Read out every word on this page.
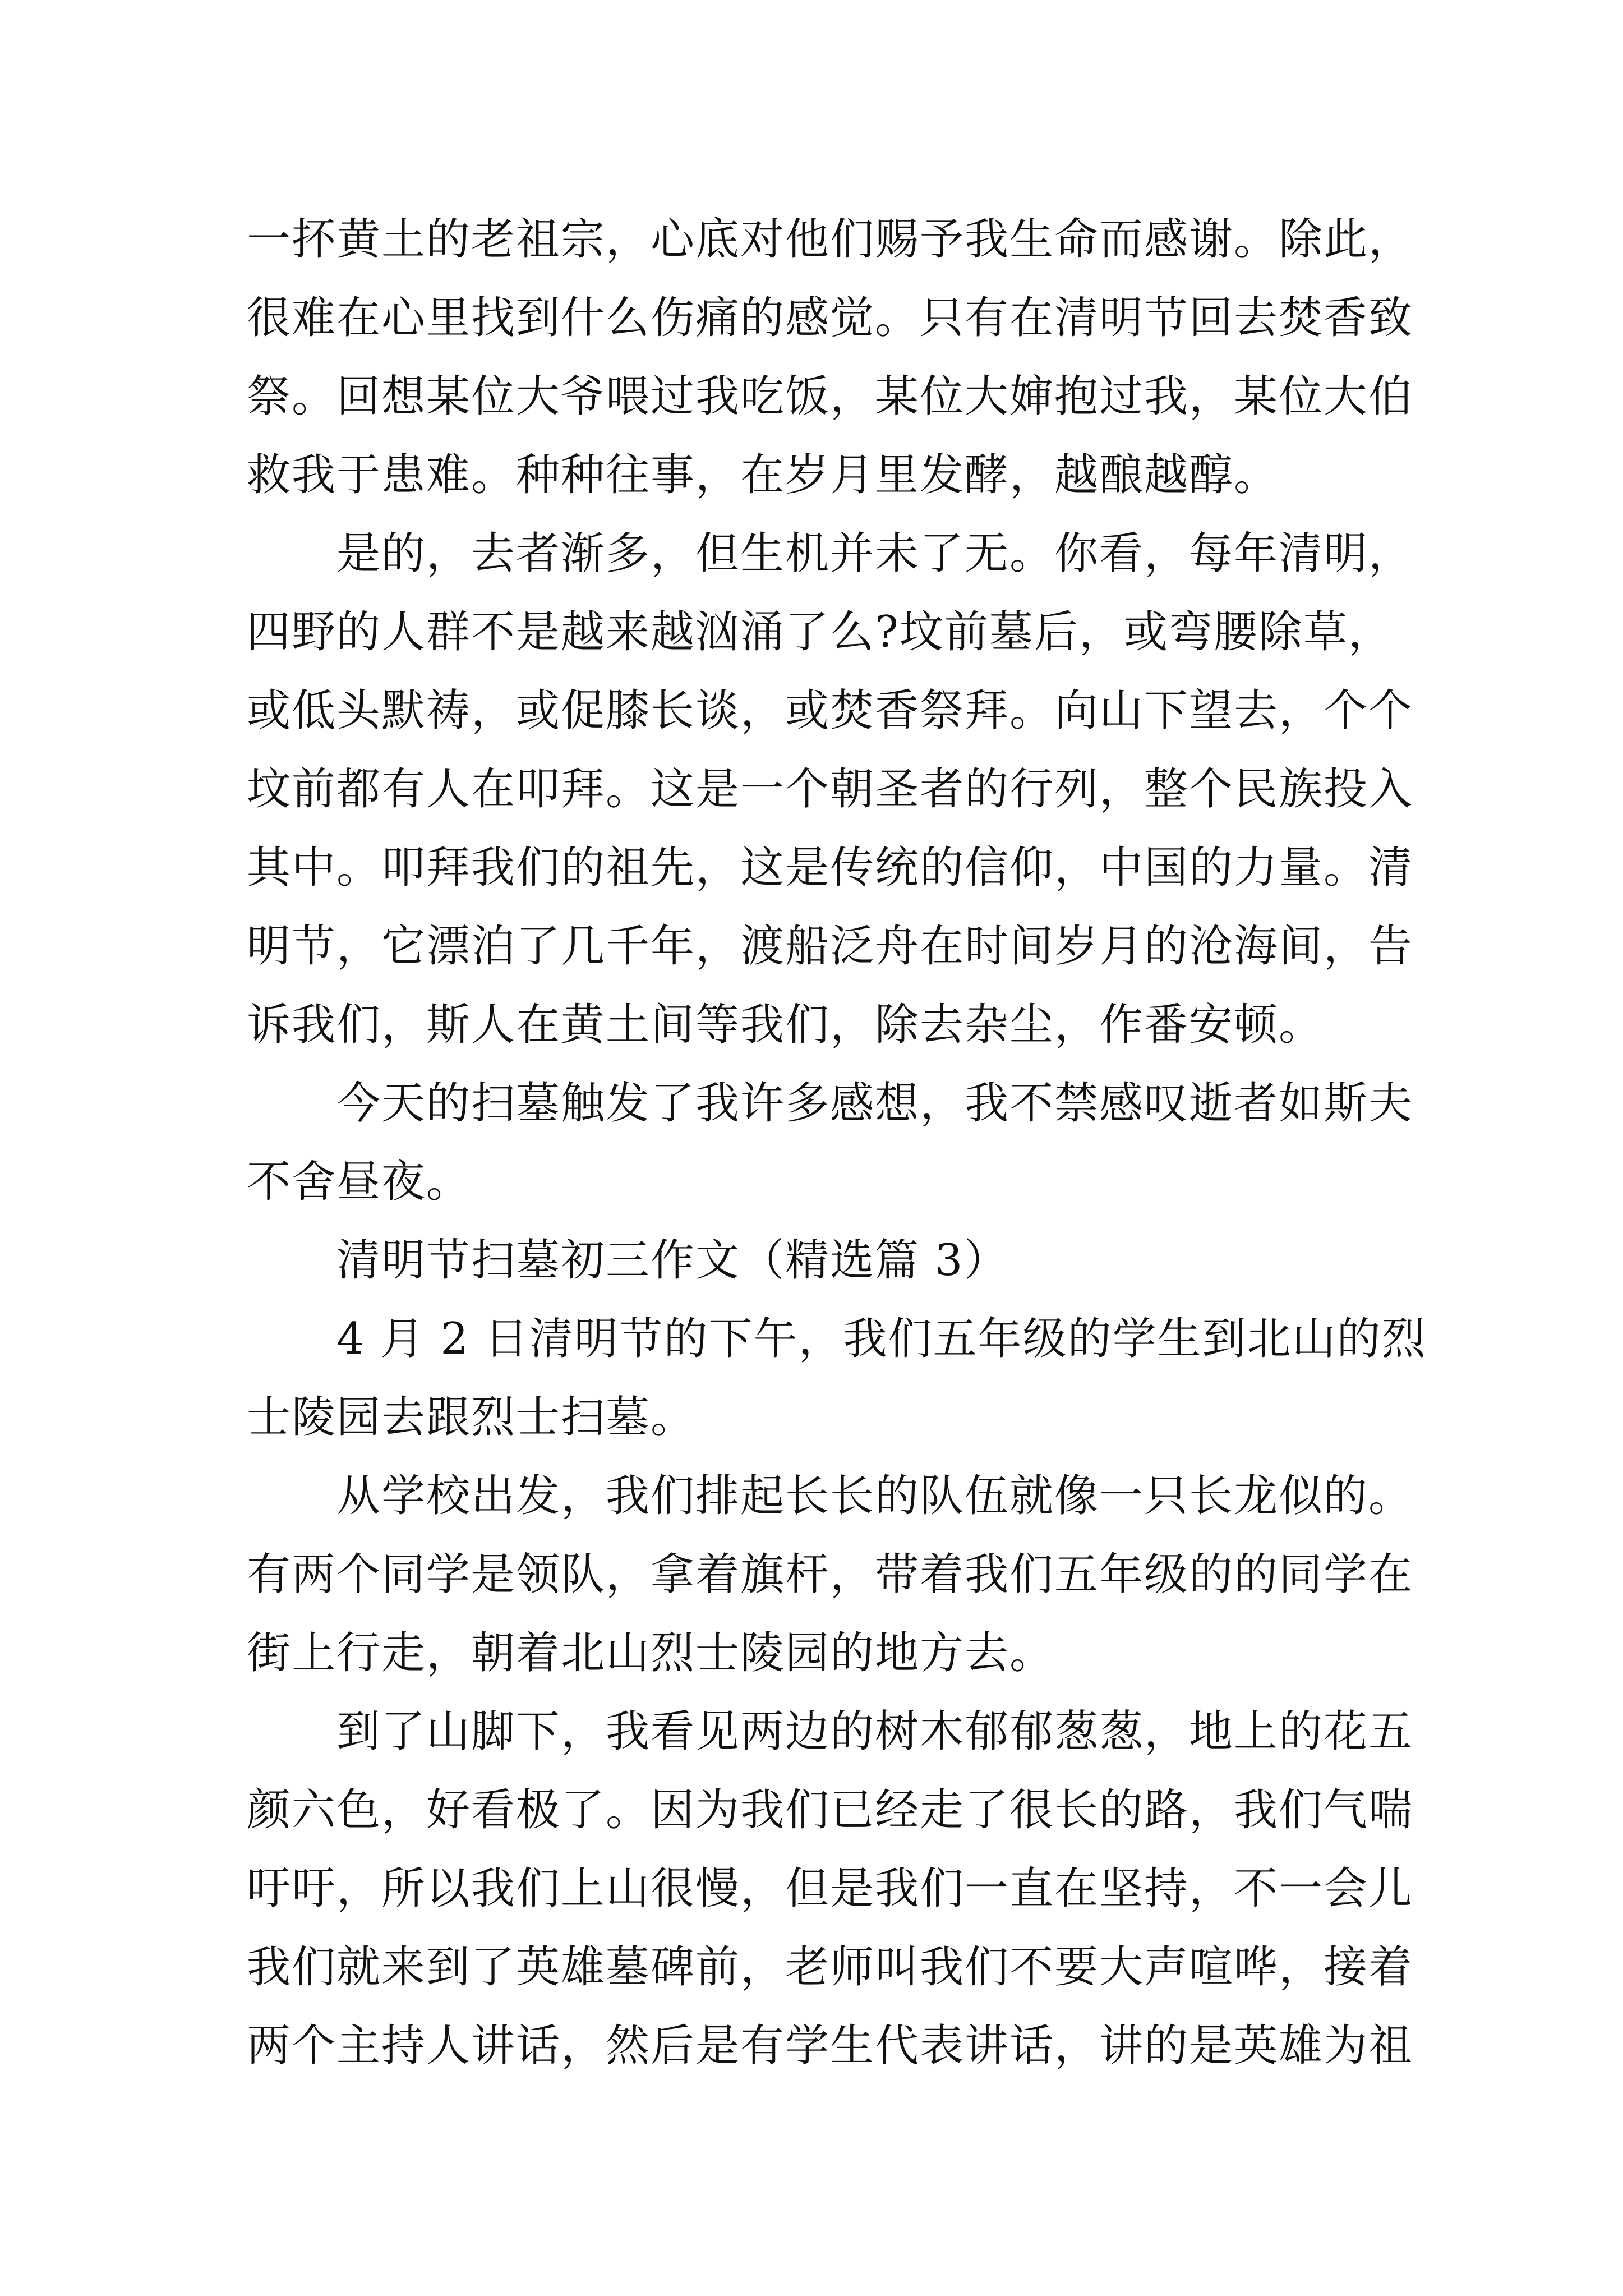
一抔黄土的老祖宗，心底对他们赐予我生命而感谢。除此，
很难在心里找到什么伤痛的感觉。只有在清明节回去焚香致
祭。回想某位大爷喂过我吃饭，某位大婶抱过我，某位大伯
救我于患难。种种往事，在岁月里发酵，越酿越醇。
是的，去者渐多，但生机并未了无。你看，每年清明，
四野的人群不是越来越汹涌了么?坟前墓后，或弯腰除草，
或低头默祷，或促膝长谈，或焚香祭拜。向山下望去，个个
坟前都有人在叩拜。这是一个朝圣者的行列，整个民族投入
其中。叩拜我们的祖先，这是传统的信仰，中国的力量。清
明节，它漂泊了几千年，渡船泛舟在时间岁月的沧海间，告
诉我们，斯人在黄土间等我们，除去杂尘，作番安顿。
今天的扫墓触发了我许多感想，我不禁感叹逝者如斯夫
不舍昼夜。
清明节扫墓初三作文（精选篇 3）
4 月 2 日清明节的下午，我们五年级的学生到北山的烈
士陵园去跟烈士扫墓。
从学校出发，我们排起长长的队伍就像一只长龙似的。
有两个同学是领队，拿着旗杆，带着我们五年级的的同学在
街上行走，朝着北山烈士陵园的地方去。
到了山脚下，我看见两边的树木郁郁葱葱，地上的花五
颜六色，好看极了。因为我们已经走了很长的路，我们气喘
吁吁，所以我们上山很慢，但是我们一直在坚持，不一会儿
我们就来到了英雄墓碑前，老师叫我们不要大声喧哗，接着
两个主持人讲话，然后是有学生代表讲话，讲的是英雄为祖
